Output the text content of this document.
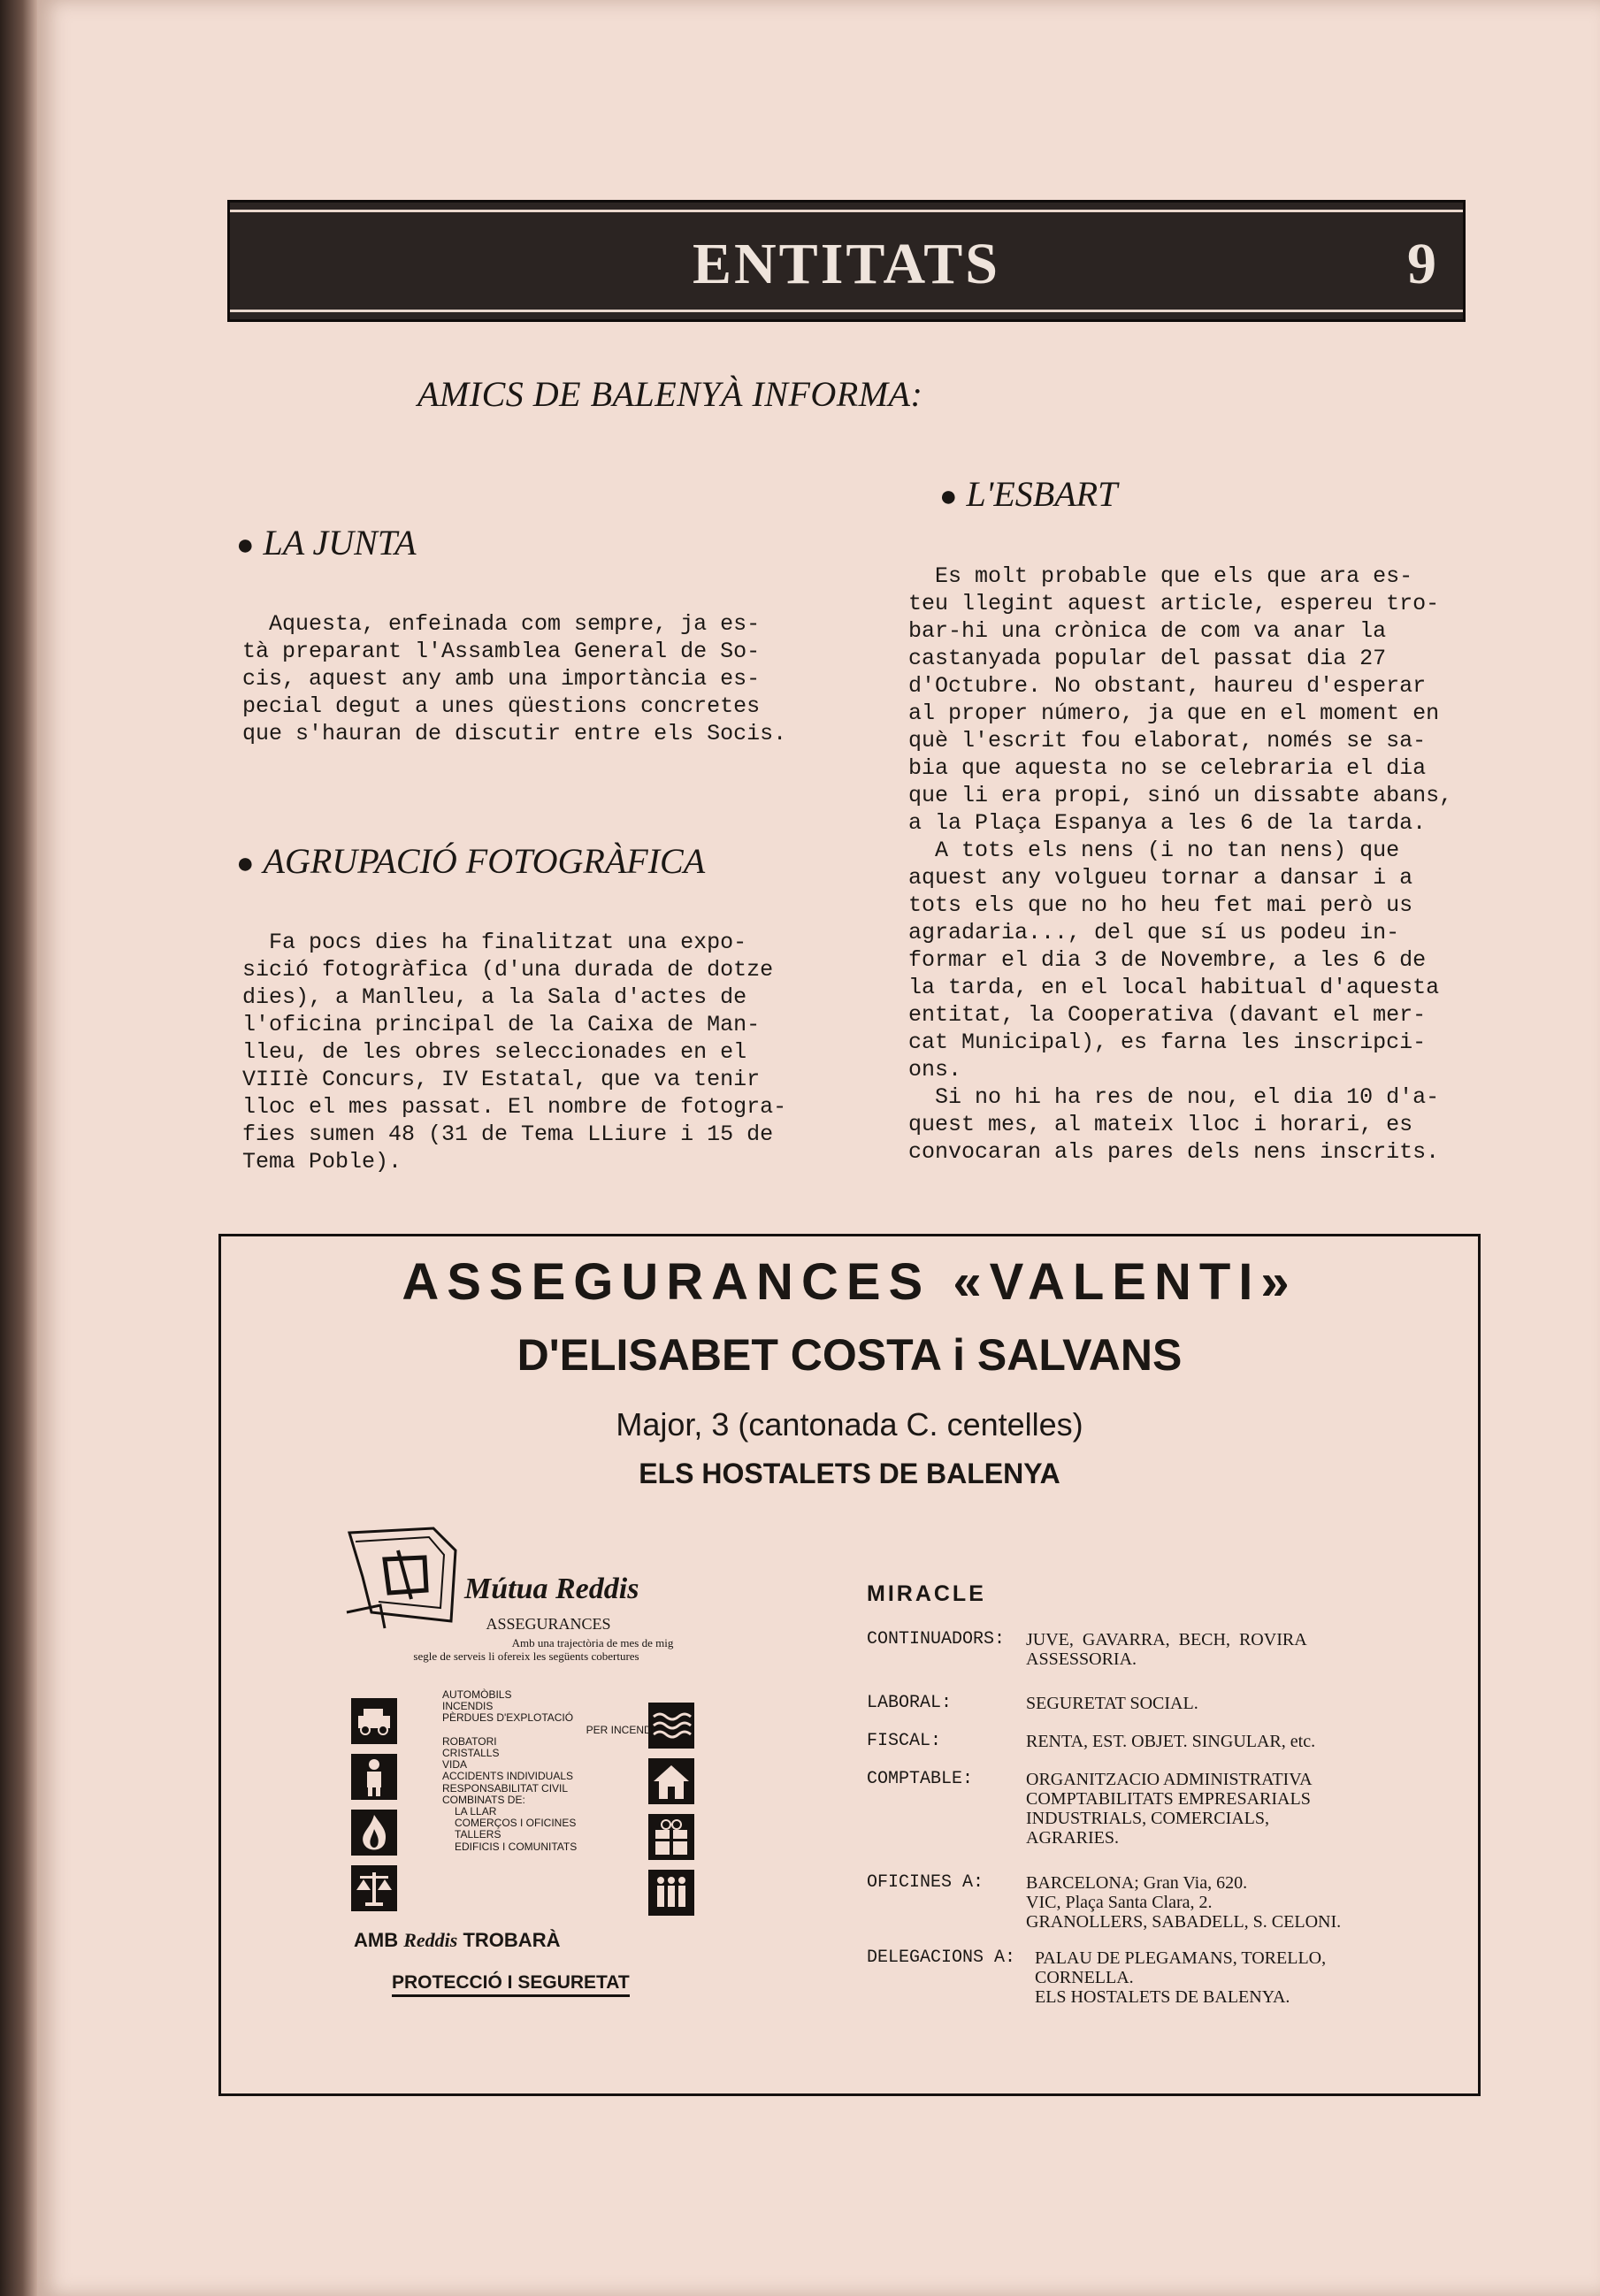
ENTITATS	9
AMICS DE BALENYÀ INFORMA:
● LA JUNTA
Aquesta, enfeinada com sempre, ja es-
tà preparant l'Assamblea General de So-
cis, aquest any amb una importància es-
pecial degut a unes qüestions concretes
que s'hauran de discutir entre els Socis.
● AGRUPACIÓ FOTOGRÀFICA
Fa pocs dies ha finalitzat una expo-
sició fotogràfica (d'una durada de dotze
dies), a Manlleu, a la Sala d'actes de
l'oficina principal de la Caixa de Man-
lleu, de les obres seleccionades en el
VIIIè Concurs, IV Estatal, que va tenir
lloc el mes passat. El nombre de fotogra-
fies sumen 48 (31 de Tema LLiure i 15 de
Tema Poble).
● L'ESBART
Es molt probable que els que ara es-
teu llegint aquest article, espereu tro-
bar-hi una crònica de com va anar la
castanyada popular del passat dia 27
d'Octubre. No obstant, haureu d'esperar
al proper número, ja que en el moment en
què l'escrit fou elaborat, només se sa-
bia que aquesta no se celebraria el dia
que li era propi, sinó un dissabte abans,
a la Plaça Espanya a les 6 de la tarda.
A tots els nens (i no tan nens) que
aquest any volgueu tornar a dansar i a
tots els que no ho heu fet mai però us
agradaria..., del que sí us podeu in-
formar el dia 3 de Novembre, a les 6 de
la tarda, en el local habitual d'aquesta
entitat, la Cooperativa (davant el mer-
cat Municipal), es farna les inscripci-
ons.
Si no hi ha res de nou, el dia 10 d'a-
quest mes, al mateix lloc i horari, es
convocaran als pares dels nens inscrits.
ASSEGURANCES «VALENTI»
D'ELISABET COSTA i SALVANS
Major, 3 (cantonada C. centelles)
ELS HOSTALETS DE BALENYA
Mútua Reddis
ASSEGURANCES
Amb una trajectòria de mes de mig
segle de serveis li ofereix les següents cobertures
AUTOMÒBILS
INCENDIS
PÈRDUES D'EXPLOTACIÓ
PER INCENDI
ROBATORI
CRISTALLS
VIDA
ACCIDENTS INDIVIDUALS
RESPONSABILITAT CIVIL
COMBINATS DE:
LA LLAR
COMERÇOS I OFICINES
TALLERS
EDIFICIS I COMUNITATS
AMB Reddis TROBARÀ
PROTECCIÓ I SEGURETAT
MIRACLE
CONTINUADORS: JUVE,  GAVARRA,  BECH,  ROVIRA
ASSESSORIA.
LABORAL:	SEGURETAT SOCIAL.
FISCAL:	RENTA, EST. OBJET. SINGULAR, etc.
COMPTABLE:	ORGANITZACIO ADMINISTRATIVA
COMPTABILITATS EMPRESARIALS
INDUSTRIALS, COMERCIALS,
AGRARIES.
OFICINES A: BARCELONA; Gran Via, 620.
VIC, Plaça Santa Clara, 2.
GRANOLLERS, SABADELL, S. CELONI.
DELEGACIONS A: PALAU DE PLEGAMANS, TORELLO,
CORNELLA.
ELS HOSTALETS DE BALENYA.
